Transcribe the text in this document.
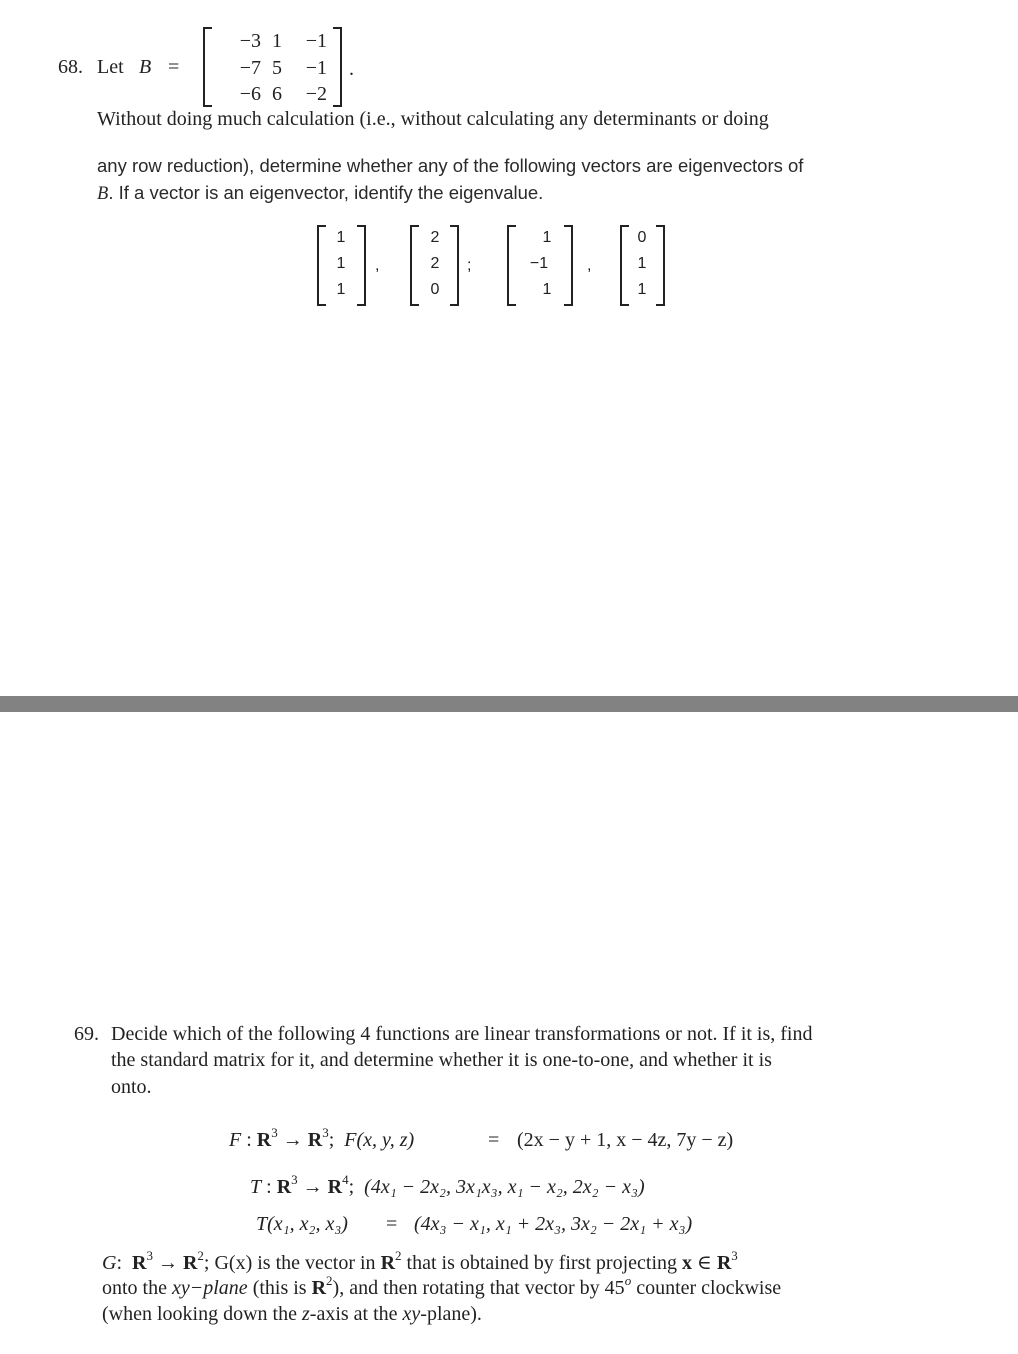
68. Let B =
−3 1	−1
−7 5	−1
−6 6	−2
.
Without doing much calculation (i.e., without calculating any determinants or doing
any row reduction), determine whether any of the following vectors are eigenvectors of
B. If a vector is an eigenvector, identify the eigenvalue.
1
1
1
,
2
2
0
;
1
−1
1
,
0
1
1
69. Decide which of the following 4 functions are linear transformations or not. If it is, find
the standard matrix for it, and determine whether it is one-to-one, and whether it is
onto.
F : $R^3 \to R^3$;  F(x, y, z)	= (2x − y + 1, x − 4z, 7y − z)
T : $R^3 \to R^4$;  (4x₁ − 2x₂, 3x₁x₃, x₁ − x₂, 2x₂ − x₃)
T(x₁, x₂, x₃) = (4x₃ − x₁, x₁ + 2x₃, 3x₂ − 2x₁ + x₃)
G:  $R^3 \to R^2$; G(x) is the vector in $R^2$ that is obtained by first projecting x ∈ $R^3$
onto the xy−plane (this is $R^2$), and then rotating that vector by 45$^o$ counter clockwise
(when looking down the z-axis at the xy-plane).
